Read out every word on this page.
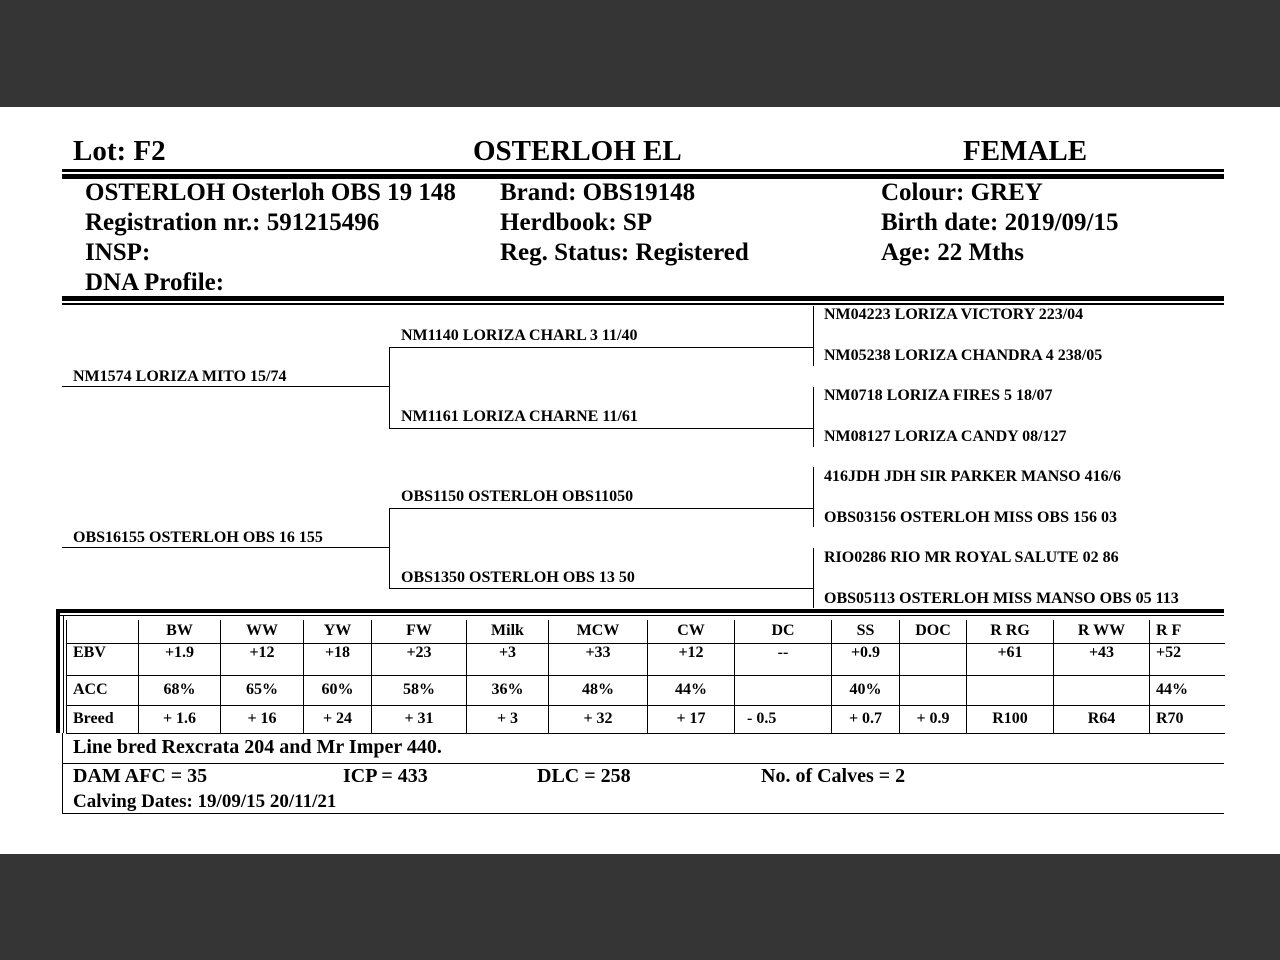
Lot: F2	OSTERLOH EL	FEMALE
OSTERLOH Osterloh OBS 19 148
Registration nr.: 591215496
INSP:
DNA Profile:
Brand: OBS19148
Herdbook: SP
Reg. Status: Registered
Colour: GREY
Birth date: 2019/09/15
Age: 22 Mths
NM1574 LORIZA MITO 15/74
OBS16155 OSTERLOH OBS 16 155
NM1140 LORIZA CHARL 3 11/40
NM1161 LORIZA CHARNE 11/61
OBS1150 OSTERLOH OBS11050
OBS1350 OSTERLOH OBS 13 50
NM04223 LORIZA VICTORY 223/04
NM05238 LORIZA CHANDRA 4 238/05
NM0718 LORIZA FIRES 5 18/07
NM08127 LORIZA CANDY 08/127
416JDH JDH SIR PARKER MANSO 416/6
OBS03156 OSTERLOH MISS OBS 156 03
RIO0286 RIO MR ROYAL SALUTE 02 86
OBS05113 OSTERLOH MISS MANSO OBS 05 113
	BW	WW	YW	FW	Milk	MCW	CW	DC	SS	DOC	R RG	R WW	R F
EBV	+1.9	+12	+18	+23	+3	+33	+12	--	+0.9		+61	+43	+52
ACC	68%	65%	60%	58%	36%	48%	44%		40%				44%
Breed	+ 1.6	+ 16	+ 24	+ 31	+ 3	+ 32	+ 17	- 0.5	+ 0.7	+ 0.9	R100	R64	R70
Line bred Rexcrata 204 and Mr Imper 440.
DAM AFC = 35	ICP = 433	DLC = 258	No. of Calves = 2
Calving Dates: 19/09/15 20/11/21
